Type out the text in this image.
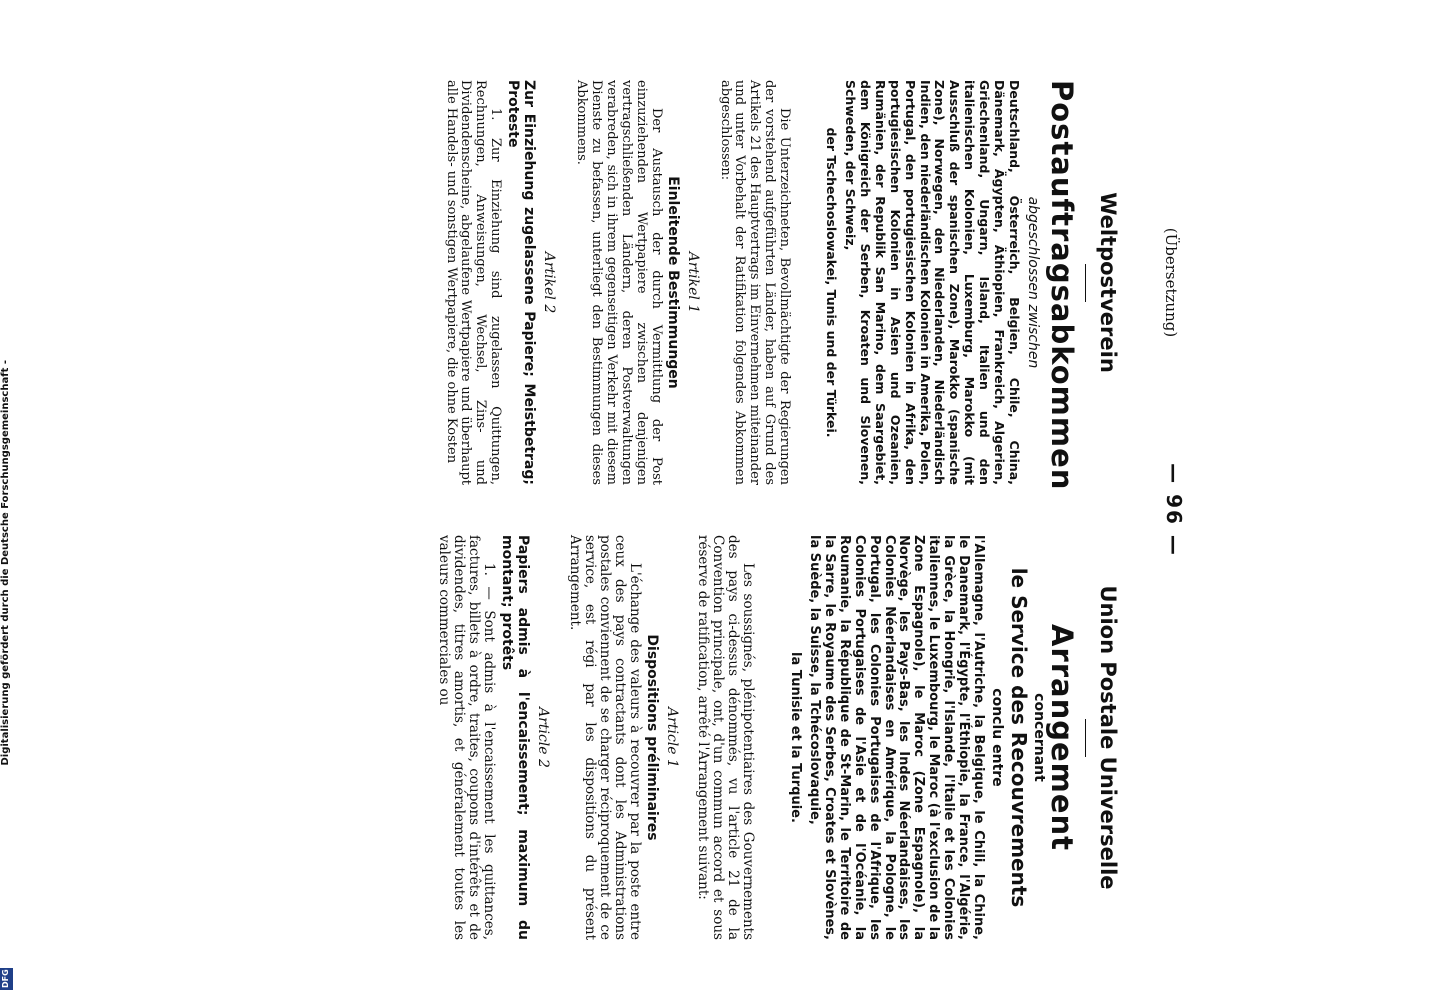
— 96 —
Union Postale Universelle
Arrangement
concernant
le Service des Recouvrements
conclu entre

l'Allemagne, l'Autriche, la Belgique, le Chili, la Chine, le Danemark, l'Égypte, l'Éthiopie, la France, l'Algérie, la Grèce, la Hongrie, l'Islande, l'Italie et les Colonies italiennes, le Luxembourg, le Maroc (à l'exclusion de la Zone Espagnole), le Maroc (Zone Espagnole), la Norvège, les Pays-Bas, les Indes Néerlandaises, les Colonies Néerlandaises en Amérique, la Pologne, le Portugal, les Colonies Portugaises de l'Afrique, les Colonies Portugaises de l'Asie et de l'Océanie, la Roumanie, la République de St-Marin, le Territoire de la Sarre, le Royaume des Serbes, Croates et Slovènes, la Suède, la Suisse, la Tchécoslovaquie,

la Tunisie et la Turquie.

Les soussignés, plénipotentiaires des Gouvernements des pays ci-dessus dénommés, vu l'article 21 de la Convention principale, ont, d'un commun accord et sous réserve de ratification, arrêté l'Arrangement suivant:

Article 1
Dispositions préliminaires

L'échange des valeurs à recouvrer par la poste entre ceux des pays contractants dont les Administrations postales conviennent de se charger réciproquement de ce service, est régi par les dispositions du présent Arrangement.

Article 2
Papiers admis à l'encaissement; maximum du montant; protêts

1. — Sont admis à l'encaissement les quittances, factures, billets à ordre, traites, coupons d'intérêts et de dividendes, titres amortis, et généralement toutes les valeurs commerciales ou

(Übersetzung)
Weltpostverein
Postauftragsabkommen
abgeschlossen zwischen

Deutschland, Österreich, Belgien, Chile, China, Dänemark, Ägypten, Äthiopien, Frankreich, Algerien, Griechenland, Ungarn, Island, Italien und den italienischen Kolonien, Luxemburg, Marokko (mit Ausschluß der spanischen Zone), Marokko (spanische Zone), Norwegen, den Niederlanden, Niederländisch Indien, den niederländischen Kolonien in Amerika, Polen, Portugal, den portugiesischen Kolonien in Afrika, den portugiesischen Kolonien in Asien und Ozeanien, Rumänien, der Republik San Marino, dem Saargebiet, dem Königreich der Serben, Kroaten und Slovenen, Schweden, der Schweiz,

der Tschechoslowakei, Tunis und der Türkei.

Die Unterzeichneten, Bevollmächtigte der Regierungen der vorstehend aufgeführten Länder, haben auf Grund des Artikels 21 des Hauptvertrags im Einvernehmen miteinander und unter Vorbehalt der Ratifikation folgendes Abkommen abgeschlossen:

Artikel 1
Einleitende Bestimmungen

Der Austausch der durch Vermittlung der Post einzuziehenden Wertpapiere zwischen denjenigen vertragschließenden Ländern, deren Postverwaltungen verabreden, sich in ihrem gegenseitigen Verkehr mit diesem Dienste zu befassen, unterliegt den Bestimmungen dieses Abkommens.

Artikel 2
Zur Einziehung zugelassene Papiere; Meistbetrag; Proteste

1. Zur Einziehung sind zugelassen Quittungen, Rechnungen, Anweisungen, Wechsel, Zins- und Dividendenscheine, abgelaufene Wertpapiere und überhaupt alle Handels- und sonstigen Wertpapiere, die ohne Kosten

Digitalisierung gefördert durch die Deutsche Forschungsgemeinschaft -
DFG
